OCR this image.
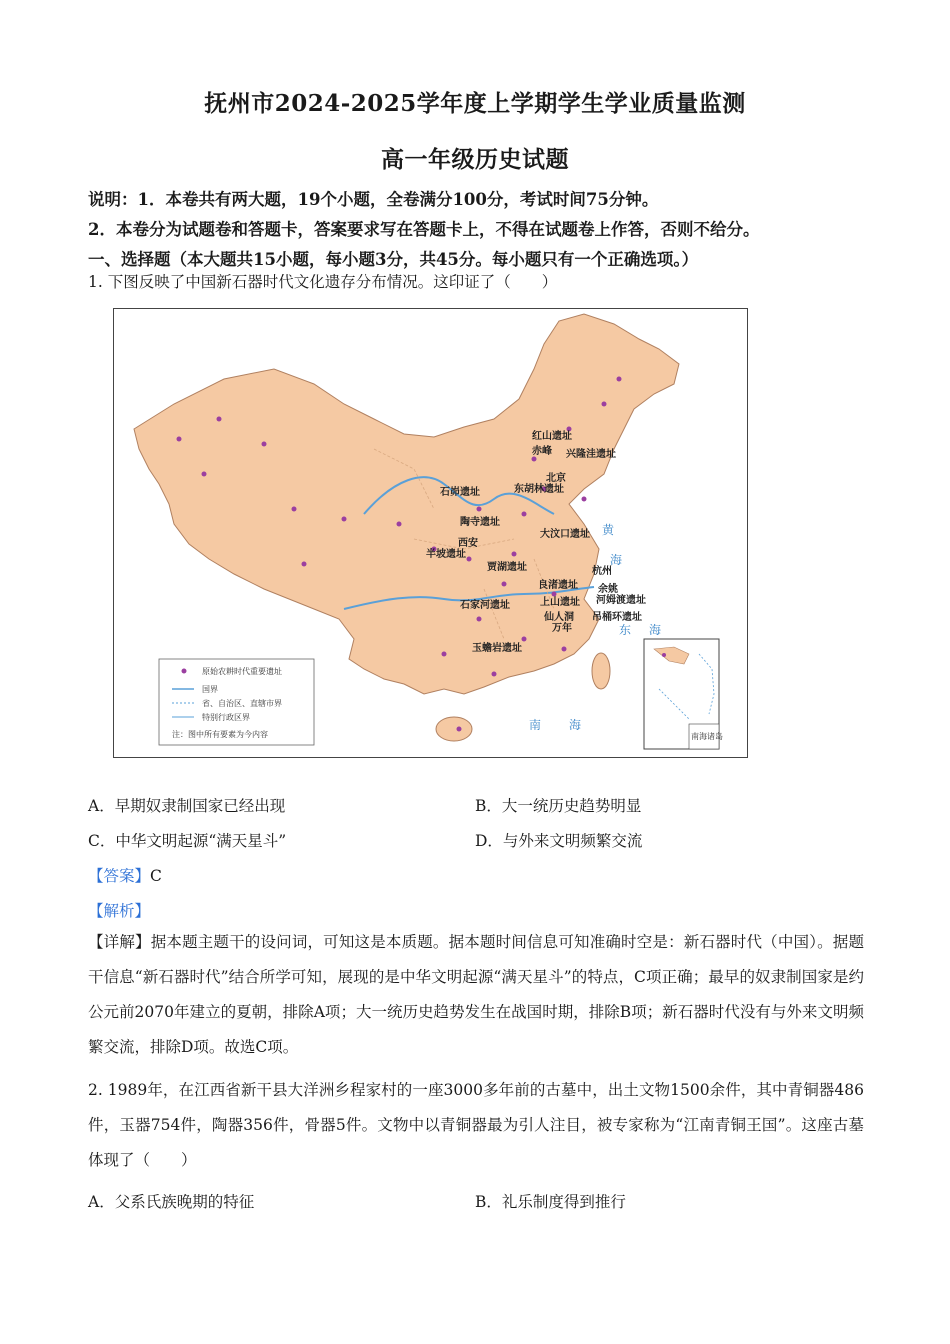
抚州市2024-2025学年度上学期学生学业质量监测
高一年级历史试题
说明：1．本卷共有两大题，19个小题，全卷满分100分，考试时间75分钟。
2．本卷分为试题卷和答题卡，答案要求写在答题卡上，不得在试题卷上作答，否则不给分。
一、选择题（本大题共15小题，每小题3分，共45分。每小题只有一个正确选项。）
1. 下图反映了中国新石器时代文化遗存分布情况。这印证了（　　）
红山遗址
赤峰 兴隆洼遗址
北京
石峁遗址	东胡林遗址
陶寺遗址
西安
半坡遗址
大汶口遗址
贾湖遗址	杭州
良渚遗址 余姚
石家河遗址	上山遗址 河姆渡遗址
仙人洞 吊桶环遗址
万年
玉蟾岩遗址
黄
海
东 海
南 海
原始农耕时代重要遗址
国界
省、自治区、直辖市界
特别行政区界
注：图中所有要素为今内容	南海诸岛
A．早期奴隶制国家已经出现	B．大一统历史趋势明显
C．中华文明起源“满天星斗”	D．与外来文明频繁交流
【答案】C
【解析】
【详解】据本题主题干的设问词，可知这是本质题。据本题时间信息可知准确时空是：新石器时代（中国）。据题干信息“新石器时代”结合所学可知，展现的是中华文明起源“满天星斗”的特点，C项正确；最早的奴隶制国家是约公元前2070年建立的夏朝，排除A项；大一统历史趋势发生在战国时期，排除B项；新石器时代没有与外来文明频繁交流，排除D项。故选C项。
2. 1989年，在江西省新干县大洋洲乡程家村的一座3000多年前的古墓中，出土文物1500余件，其中青铜器486件，玉器754件，陶器356件，骨器5件。文物中以青铜器最为引人注目，被专家称为“江南青铜王国”。这座古墓体现了（　　）
A．父系氏族晚期的特征	B．礼乐制度得到推行
